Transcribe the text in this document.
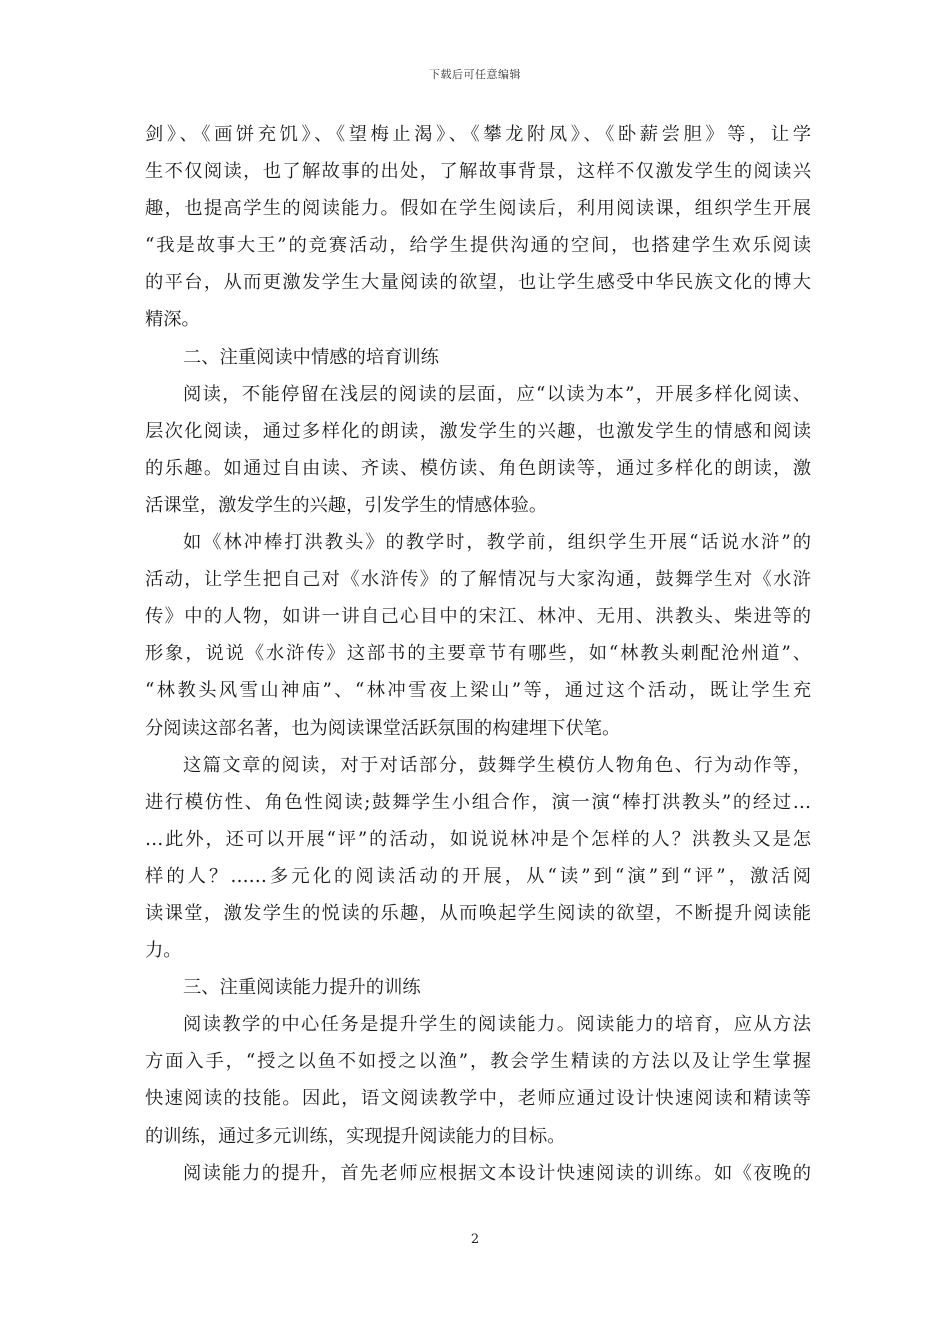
下载后可任意编辑
剑》、《画饼充饥》、《望梅止渴》、《攀龙附凤》、《卧薪尝胆》等，让学
生不仅阅读，也了解故事的出处，了解故事背景，这样不仅激发学生的阅读兴
趣，也提高学生的阅读能力。假如在学生阅读后，利用阅读课，组织学生开展
“我是故事大王”的竞赛活动，给学生提供沟通的空间，也搭建学生欢乐阅读
的平台，从而更激发学生大量阅读的欲望，也让学生感受中华民族文化的博大
精深。
二、注重阅读中情感的培育训练
阅读，不能停留在浅层的阅读的层面，应“以读为本”，开展多样化阅读、
层次化阅读，通过多样化的朗读，激发学生的兴趣，也激发学生的情感和阅读
的乐趣。如通过自由读、齐读、模仿读、角色朗读等，通过多样化的朗读，激
活课堂，激发学生的兴趣，引发学生的情感体验。
如《林冲棒打洪教头》的教学时，教学前，组织学生开展“话说水浒”的
活动，让学生把自己对《水浒传》的了解情况与大家沟通，鼓舞学生对《水浒
传》中的人物，如讲一讲自己心目中的宋江、林冲、无用、洪教头、柴进等的
形象，说说《水浒传》这部书的主要章节有哪些，如“林教头刺配沧州道”、
“林教头风雪山神庙”、“林冲雪夜上梁山”等，通过这个活动，既让学生充
分阅读这部名著，也为阅读课堂活跃氛围的构建埋下伏笔。
这篇文章的阅读，对于对话部分，鼓舞学生模仿人物角色、行为动作等，
进行模仿性、角色性阅读;鼓舞学生小组合作，演一演“棒打洪教头”的经过…
…此外，还可以开展“评”的活动，如说说林冲是个怎样的人？洪教头又是怎
样的人？……多元化的阅读活动的开展，从“读”到“演”到“评”，激活阅
读课堂，激发学生的悦读的乐趣，从而唤起学生阅读的欲望，不断提升阅读能
力。
三、注重阅读能力提升的训练
阅读教学的中心任务是提升学生的阅读能力。阅读能力的培育，应从方法
方面入手，“授之以鱼不如授之以渔”，教会学生精读的方法以及让学生掌握
快速阅读的技能。因此，语文阅读教学中，老师应通过设计快速阅读和精读等
的训练，通过多元训练，实现提升阅读能力的目标。
阅读能力的提升，首先老师应根据文本设计快速阅读的训练。如《夜晚的
2
